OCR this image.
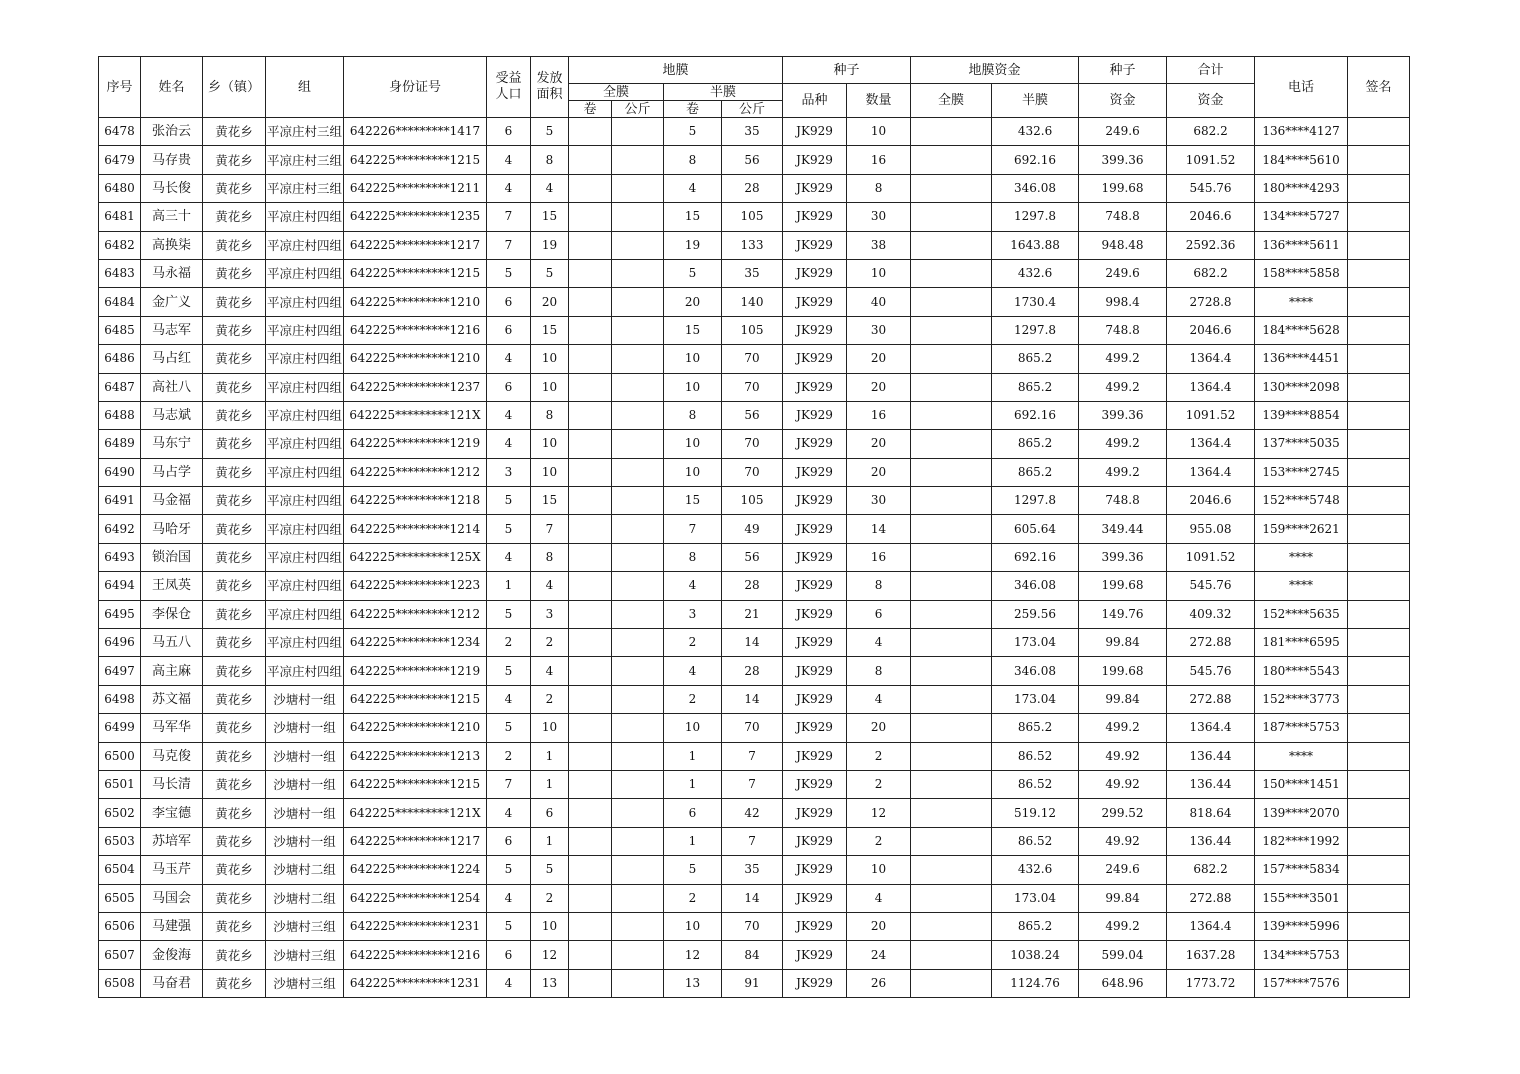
序号	姓名	乡（镇）	组	身份证号	受益人口	发放面积	地膜				种子		地膜资金		种子	合计	电话	签名
							全膜		半膜		品种	数量	全膜	半膜	资金	资金		
							卷	公斤	卷	公斤								
6478	张治云	黄花乡	平凉庄村三组	642226*********1417	6	5			5	35	JK929	10		432.6	249.6	682.2	136****4127	
6479	马存贵	黄花乡	平凉庄村三组	642225*********1215	4	8			8	56	JK929	16		692.16	399.36	1091.52	184****5610	
6480	马长俊	黄花乡	平凉庄村三组	642225*********1211	4	4			4	28	JK929	8		346.08	199.68	545.76	180****4293	
6481	高三十	黄花乡	平凉庄村四组	642225*********1235	7	15			15	105	JK929	30		1297.8	748.8	2046.6	134****5727	
6482	高换柒	黄花乡	平凉庄村四组	642225*********1217	7	19			19	133	JK929	38		1643.88	948.48	2592.36	136****5611	
6483	马永福	黄花乡	平凉庄村四组	642225*********1215	5	5			5	35	JK929	10		432.6	249.6	682.2	158****5858	
6484	金广义	黄花乡	平凉庄村四组	642225*********1210	6	20			20	140	JK929	40		1730.4	998.4	2728.8	****	
6485	马志军	黄花乡	平凉庄村四组	642225*********1216	6	15			15	105	JK929	30		1297.8	748.8	2046.6	184****5628	
6486	马占红	黄花乡	平凉庄村四组	642225*********1210	4	10			10	70	JK929	20		865.2	499.2	1364.4	136****4451	
6487	高社八	黄花乡	平凉庄村四组	642225*********1237	6	10			10	70	JK929	20		865.2	499.2	1364.4	130****2098	
6488	马志斌	黄花乡	平凉庄村四组	642225*********121X	4	8			8	56	JK929	16		692.16	399.36	1091.52	139****8854	
6489	马东宁	黄花乡	平凉庄村四组	642225*********1219	4	10			10	70	JK929	20		865.2	499.2	1364.4	137****5035	
6490	马占学	黄花乡	平凉庄村四组	642225*********1212	3	10			10	70	JK929	20		865.2	499.2	1364.4	153****2745	
6491	马金福	黄花乡	平凉庄村四组	642225*********1218	5	15			15	105	JK929	30		1297.8	748.8	2046.6	152****5748	
6492	马哈牙	黄花乡	平凉庄村四组	642225*********1214	5	7			7	49	JK929	14		605.64	349.44	955.08	159****2621	
6493	锁治国	黄花乡	平凉庄村四组	642225*********125X	4	8			8	56	JK929	16		692.16	399.36	1091.52	****	
6494	王凤英	黄花乡	平凉庄村四组	642225*********1223	1	4			4	28	JK929	8		346.08	199.68	545.76	****	
6495	李保仓	黄花乡	平凉庄村四组	642225*********1212	5	3			3	21	JK929	6		259.56	149.76	409.32	152****5635	
6496	马五八	黄花乡	平凉庄村四组	642225*********1234	2	2			2	14	JK929	4		173.04	99.84	272.88	181****6595	
6497	高主麻	黄花乡	平凉庄村四组	642225*********1219	5	4			4	28	JK929	8		346.08	199.68	545.76	180****5543	
6498	苏文福	黄花乡	沙塘村一组	642225*********1215	4	2			2	14	JK929	4		173.04	99.84	272.88	152****3773	
6499	马军华	黄花乡	沙塘村一组	642225*********1210	5	10			10	70	JK929	20		865.2	499.2	1364.4	187****5753	
6500	马克俊	黄花乡	沙塘村一组	642225*********1213	2	1			1	7	JK929	2		86.52	49.92	136.44	****	
6501	马长清	黄花乡	沙塘村一组	642225*********1215	7	1			1	7	JK929	2		86.52	49.92	136.44	150****1451	
6502	李宝德	黄花乡	沙塘村一组	642225*********121X	4	6			6	42	JK929	12		519.12	299.52	818.64	139****2070	
6503	苏培军	黄花乡	沙塘村一组	642225*********1217	6	1			1	7	JK929	2		86.52	49.92	136.44	182****1992	
6504	马玉芹	黄花乡	沙塘村二组	642225*********1224	5	5			5	35	JK929	10		432.6	249.6	682.2	157****5834	
6505	马国会	黄花乡	沙塘村二组	642225*********1254	4	2			2	14	JK929	4		173.04	99.84	272.88	155****3501	
6506	马建强	黄花乡	沙塘村三组	642225*********1231	5	10			10	70	JK929	20		865.2	499.2	1364.4	139****5996	
6507	金俊海	黄花乡	沙塘村三组	642225*********1216	6	12			12	84	JK929	24		1038.24	599.04	1637.28	134****5753	
6508	马奋君	黄花乡	沙塘村三组	642225*********1231	4	13			13	91	JK929	26		1124.76	648.96	1773.72	157****7576	
